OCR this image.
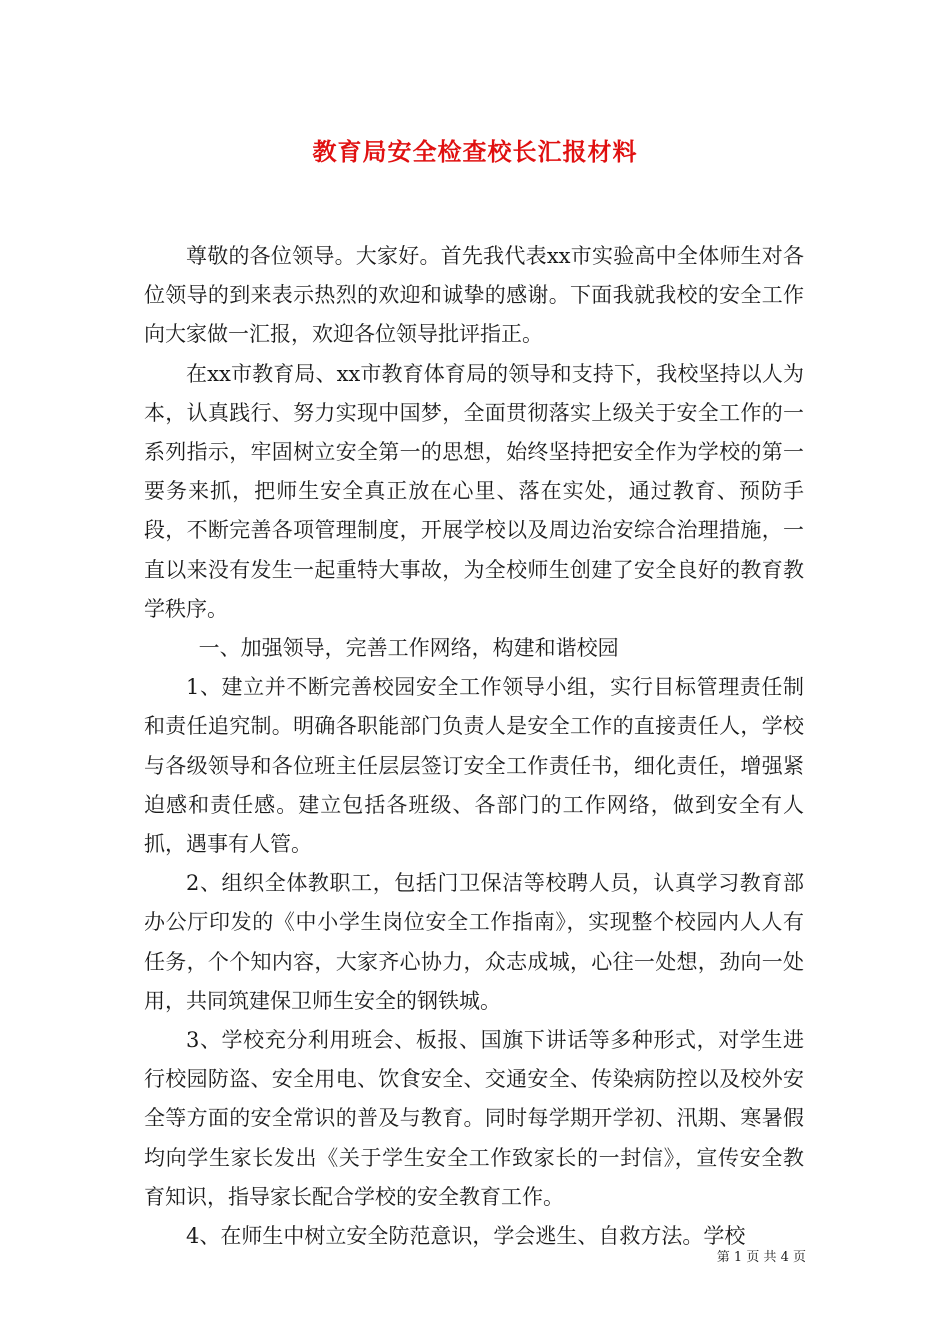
教育局安全检查校长汇报材料

尊敬的各位领导。大家好。首先我代表xx市实验高中全体师生对各位领导的到来表示热烈的欢迎和诚挚的感谢。下面我就我校的安全工作向大家做一汇报，欢迎各位领导批评指正。

在xx市教育局、xx市教育体育局的领导和支持下，我校坚持以人为本，认真践行、努力实现中国梦，全面贯彻落实上级关于安全工作的一系列指示，牢固树立安全第一的思想，始终坚持把安全作为学校的第一要务来抓，把师生安全真正放在心里、落在实处，通过教育、预防手段，不断完善各项管理制度，开展学校以及周边治安综合治理措施，一直以来没有发生一起重特大事故，为全校师生创建了安全良好的教育教学秩序。

一、加强领导，完善工作网络，构建和谐校园

1、建立并不断完善校园安全工作领导小组，实行目标管理责任制和责任追究制。明确各职能部门负责人是安全工作的直接责任人，学校与各级领导和各位班主任层层签订安全工作责任书，细化责任，增强紧迫感和责任感。建立包括各班级、各部门的工作网络，做到安全有人抓，遇事有人管。

2、组织全体教职工，包括门卫保洁等校聘人员，认真学习教育部办公厅印发的《中小学生岗位安全工作指南》，实现整个校园内人人有任务，个个知内容，大家齐心协力，众志成城，心往一处想，劲向一处用，共同筑建保卫师生安全的钢铁城。

3、学校充分利用班会、板报、国旗下讲话等多种形式，对学生进行校园防盗、安全用电、饮食安全、交通安全、传染病防控以及校外安全等方面的安全常识的普及与教育。同时每学期开学初、汛期、寒暑假均向学生家长发出《关于学生安全工作致家长的一封信》，宣传安全教育知识，指导家长配合学校的安全教育工作。

4、在师生中树立安全防范意识，学会逃生、自救方法。学校

第 1 页 共 4 页
